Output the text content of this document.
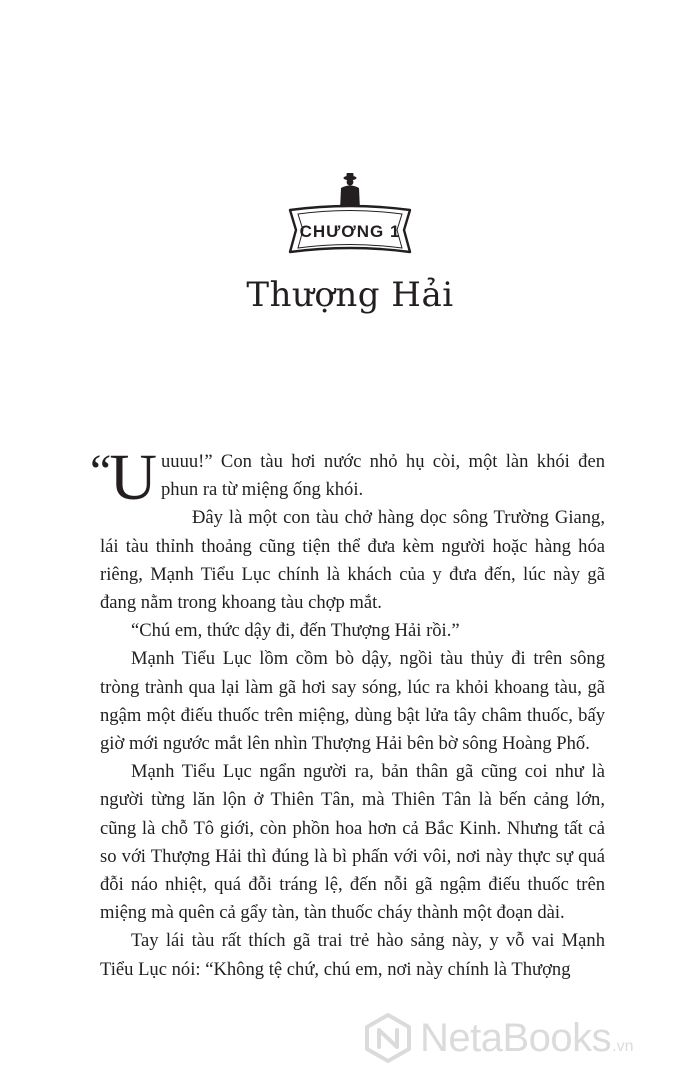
CHƯƠNG 1
Thượng Hải

“U uuuu!” Con tàu hơi nước nhỏ hụ còi, một làn khói đen phun ra từ miệng ống khói.

Đây là một con tàu chở hàng dọc sông Trường Giang, lái tàu thỉnh thoảng cũng tiện thể đưa kèm người hoặc hàng hóa riêng, Mạnh Tiểu Lục chính là khách của y đưa đến, lúc này gã đang nằm trong khoang tàu chợp mắt.

“Chú em, thức dậy đi, đến Thượng Hải rồi.”

Mạnh Tiểu Lục lồm cồm bò dậy, ngồi tàu thủy đi trên sông tròng trành qua lại làm gã hơi say sóng, lúc ra khỏi khoang tàu, gã ngậm một điếu thuốc trên miệng, dùng bật lửa tây châm thuốc, bấy giờ mới ngước mắt lên nhìn Thượng Hải bên bờ sông Hoàng Phố.

Mạnh Tiểu Lục ngẩn người ra, bản thân gã cũng coi như là người từng lăn lộn ở Thiên Tân, mà Thiên Tân là bến cảng lớn, cũng là chỗ Tô giới, còn phồn hoa hơn cả Bắc Kinh. Nhưng tất cả so với Thượng Hải thì đúng là bì phấn với vôi, nơi này thực sự quá đỗi náo nhiệt, quá đỗi tráng lệ, đến nỗi gã ngậm điếu thuốc trên miệng mà quên cả gẩy tàn, tàn thuốc cháy thành một đoạn dài.

Tay lái tàu rất thích gã trai trẻ hào sảng này, y vỗ vai Mạnh Tiểu Lục nói: “Không tệ chứ, chú em, nơi này chính là Thượng

NetaBooks .vn
